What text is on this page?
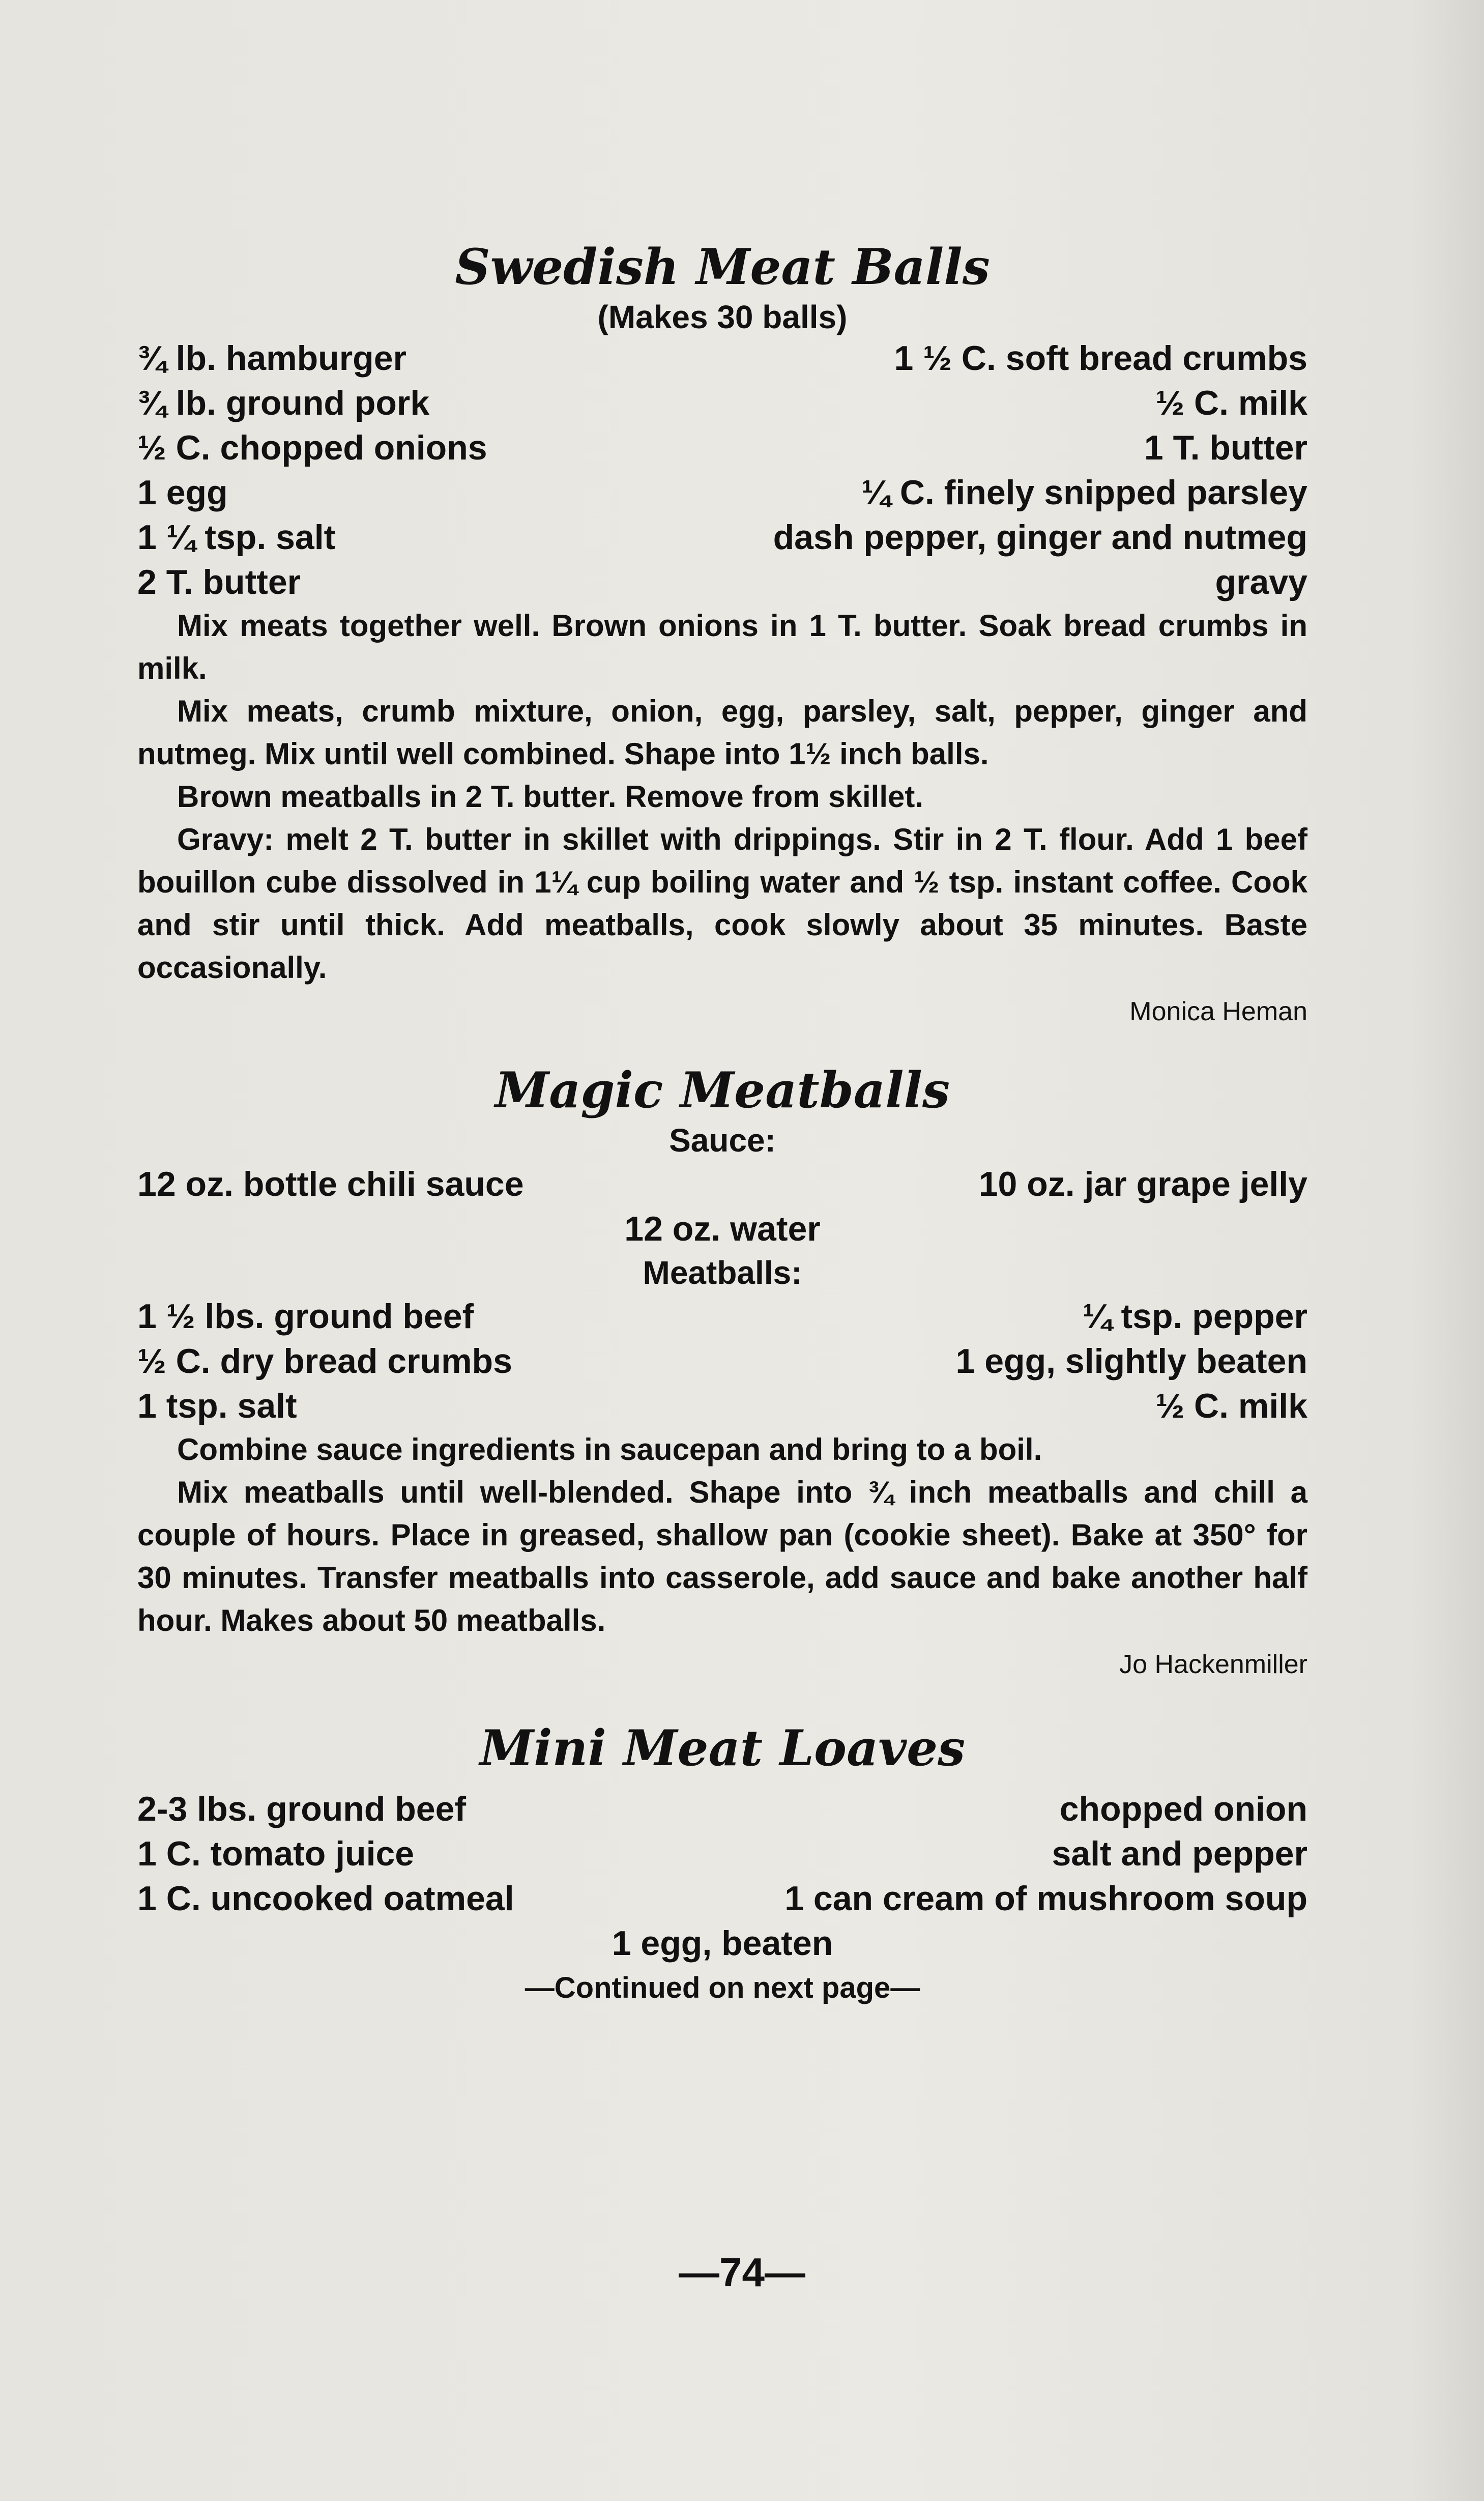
Swedish Meat Balls
(Makes 30 balls)
¾ lb. hamburger	1 ½ C. soft bread crumbs
¾ lb. ground pork	½ C. milk
½ C. chopped onions	1 T. butter
1 egg	¼ C. finely snipped parsley
1 ¼ tsp. salt	dash pepper, ginger and nutmeg
2 T. butter	gravy

Mix meats together well. Brown onions in 1 T. butter. Soak bread crumbs in milk.

Mix meats, crumb mixture, onion, egg, parsley, salt, pepper, ginger and nutmeg. Mix until well combined. Shape into 1½ inch balls.

Brown meatballs in 2 T. butter. Remove from skillet.

Gravy: melt 2 T. butter in skillet with drippings. Stir in 2 T. flour. Add 1 beef bouillon cube dissolved in 1¼ cup boiling water and ½ tsp. instant coffee. Cook and stir until thick. Add meatballs, cook slowly about 35 minutes. Baste occasionally.

Monica Heman
Magic Meatballs
Sauce:
12 oz. bottle chili sauce	10 oz. jar grape jelly
12 oz. water
Meatballs:
1 ½ lbs. ground beef	¼ tsp. pepper
½ C. dry bread crumbs	1 egg, slightly beaten
1 tsp. salt	½ C. milk

Combine sauce ingredients in saucepan and bring to a boil.

Mix meatballs until well-blended. Shape into ¾ inch meatballs and chill a couple of hours. Place in greased, shallow pan (cookie sheet). Bake at 350° for 30 minutes. Transfer meatballs into casserole, add sauce and bake another half hour. Makes about 50 meatballs.

Jo Hackenmiller
Mini Meat Loaves
2-3 lbs. ground beef	chopped onion
1 C. tomato juice	salt and pepper
1 C. uncooked oatmeal	1 can cream of mushroom soup
1 egg, beaten
—Continued on next page—
—74—
